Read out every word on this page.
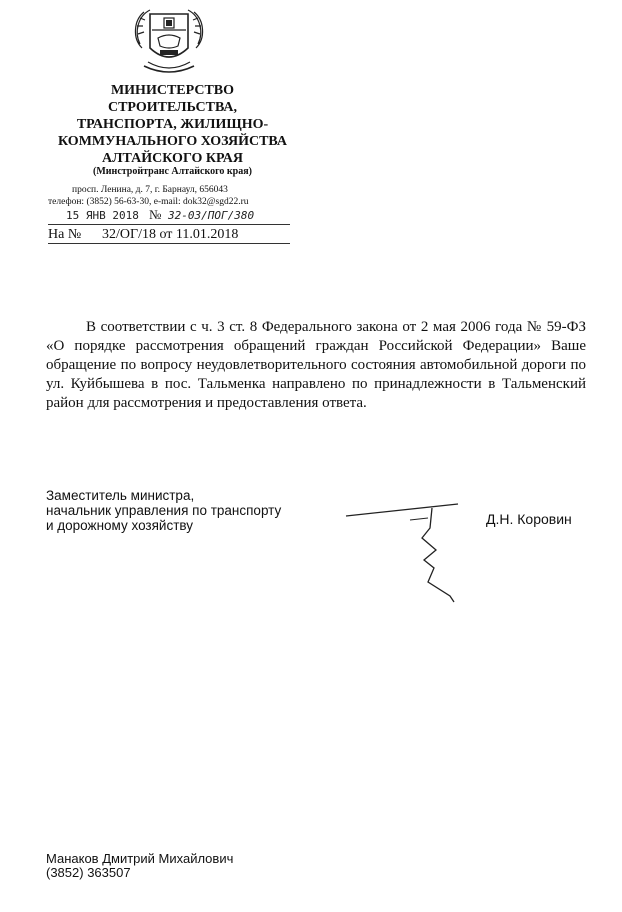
МИНИСТЕРСТВО
СТРОИТЕЛЬСТВА,
ТРАНСПОРТА, ЖИЛИЩНО-
КОММУНАЛЬНОГО ХОЗЯЙСТВА
АЛТАЙСКОГО КРАЯ
(Минстройтранс Алтайского края)
просп. Ленина, д. 7, г. Барнаул, 656043
телефон: (3852) 56-63-30, e-mail: dok32@sgd22.ru
15 ЯНВ 2018 № 32-03/ПОГ/380
На № 32/ОГ/18 от 11.01.2018
В соответствии с ч. 3 ст. 8 Федерального закона от 2 мая 2006 года № 59-ФЗ «О порядке рассмотрения обращений граждан Российской Федерации» Ваше обращение по вопросу неудовлетворительного состояния автомобильной дороги по ул. Куйбышева в пос. Тальменка направлено по принадлежности в Тальменский район для рассмотрения и предоставления ответа.
Заместитель министра,
начальник управления по транспорту
и дорожному хозяйству	Д.Н. Коровин
Манаков Дмитрий Михайлович
(3852) 363507
